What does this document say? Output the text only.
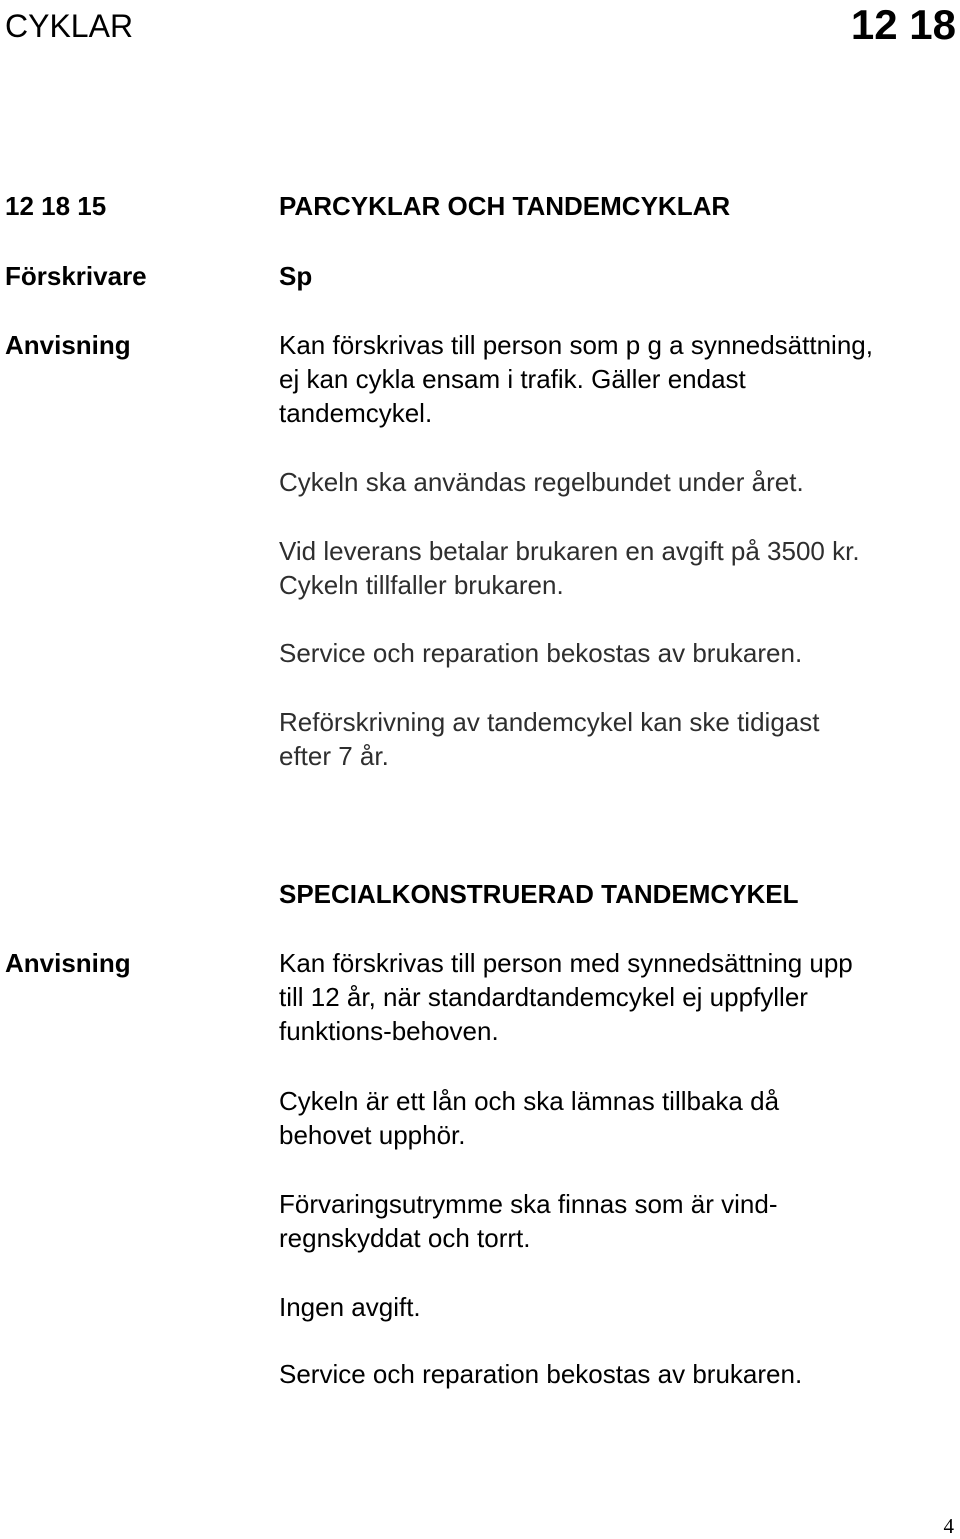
CYKLAR	12 18
12 18 15	PARCYKLAR OCH TANDEMCYKLAR
Förskrivare	Sp
Anvisning	Kan förskrivas till person som p g a synnedsättning,
ej kan cykla ensam i trafik. Gäller endast
tandemcykel.
Cykeln ska användas regelbundet under året.
Vid leverans betalar brukaren en avgift på 3500 kr.
Cykeln tillfaller brukaren.
Service och reparation bekostas av brukaren.
Reförskrivning av tandemcykel kan ske tidigast
efter 7 år.
SPECIALKONSTRUERAD TANDEMCYKEL
Anvisning	Kan förskrivas till person med synnedsättning upp
till 12 år, när standardtandemcykel ej uppfyller
funktions-behoven.
Cykeln är ett lån och ska lämnas tillbaka då
behovet upphör.
Förvaringsutrymme ska finnas som är vind-
regnskyddat och torrt.
Ingen avgift.
Service och reparation bekostas av brukaren.
4
